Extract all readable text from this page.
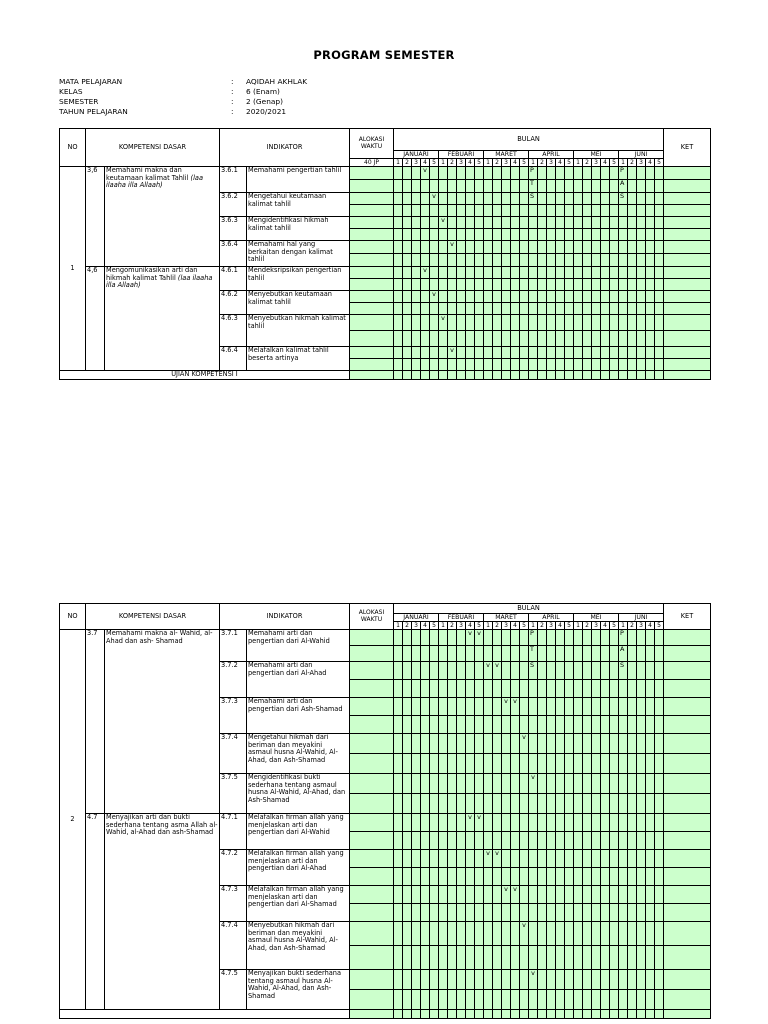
PROGRAM SEMESTER
MATA PELAJARAN	: AQIDAH AKHLAK
KELAS	: 6 (Enam)
SEMESTER	: 2 (Genap)
TAHUN PELAJARAN	: 2020/2021
NO	KOMPETENSI DASAR		INDIKATOR		ALOKASI WAKTU	BULAN																														KET
						JANUARI					FEBUARI					MARET					APRIL					MEI					JUNI					
					40 JP	1	2	3	4	5	1	2	3	4	5	1	2	3	4	5	1	2	3	4	5	1	2	3	4	5	1	2	3	4	5	
1	3,6	Memahami makna dan keutamaan kalimat Tahlil (laa ilaaha illa Allaah)	3.6.1	Memahami pengertian tahlil					v												P										P					
																					T										A					
			3.6.2	Mengetahui keutamaan kalimat tahlil						v											S										S					

			3.6.3	Mengidentifikasi hikmah kalimat tahlil							v																									

			3.6.4	Memahami hal yang berkaitan dengan kalimat tahlil								v																								

	4,6	Mengomunikasikan arti dan hikmah kalimat Tahlil (laa ilaaha illa Allaah)	4.6.1	Mendeksripsikan pengertian tahlil					v																											

			4.6.2	Menyebutkan keutamaan kalimat tahlil						v																										

			4.6.3	Menyebutkan hikmah kalimat tahlil							v																									

			4.6.4	Melafalkan kalimat tahlil beserta artinya								v																								

UJIAN KOMPETENSI I																																				
NO	KOMPETENSI DASAR		INDIKATOR		ALOKASI WAKTU	BULAN																														KET
						JANUARI					FEBUARI					MARET					APRIL					MEI					JUNI					
						1	2	3	4	5	1	2	3	4	5	1	2	3	4	5	1	2	3	4	5	1	2	3	4	5	1	2	3	4	5	
2	3.7	Memahami makna al- Wahid, al-Ahad dan ash- Shamad	3.7.1	Memahami arti dan pengertian dari Al-Wahid										v	v						P										P					
																					T										A					
			3.7.2	Memahami arti dan pengertian dari Al-Ahad												v	v				S										S					

			3.7.3	Memahami arti dan pengertian dari Ash-Shamad														v	v																	

			3.7.4	Mengetahui hikmah dari beriman dan meyakini asmaul husna Al-Wahid, Al-Ahad, dan Ash-Shamad																v																

			3.7.5	Mengidentifikasi bukti sederhana tentang asmaul husna Al-Wahid, Al-Ahad, dan Ash-Shamad																	v															

	4.7	Menyajikan arti dan bukti sederhana tentang asma Allah al-Wahid, al-Ahad dan ash-Shamad	4.7.1	Melafalkan firman allah yang menjelaskan arti dan pengertian dari Al-Wahid										v	v																					

			4.7.2	Melafalkan firman allah yang menjelaskan arti dan pengertian dari Al-Ahad												v	v																			

			4.7.3	Melafalkan firman allah yang menjelaskan arti dan pengertian dari Al-Shamad														v	v																	

			4.7.4	Menyebutkan hikmah dari beriman dan meyakini asmaul husna Al-Wahid, Al-Ahad, dan Ash-Shamad																v																

			4.7.5	Menyajikan bukti sederhana tentang asmaul husna Al-Wahid, Al-Ahad, dan Ash-Shamad																	v															
